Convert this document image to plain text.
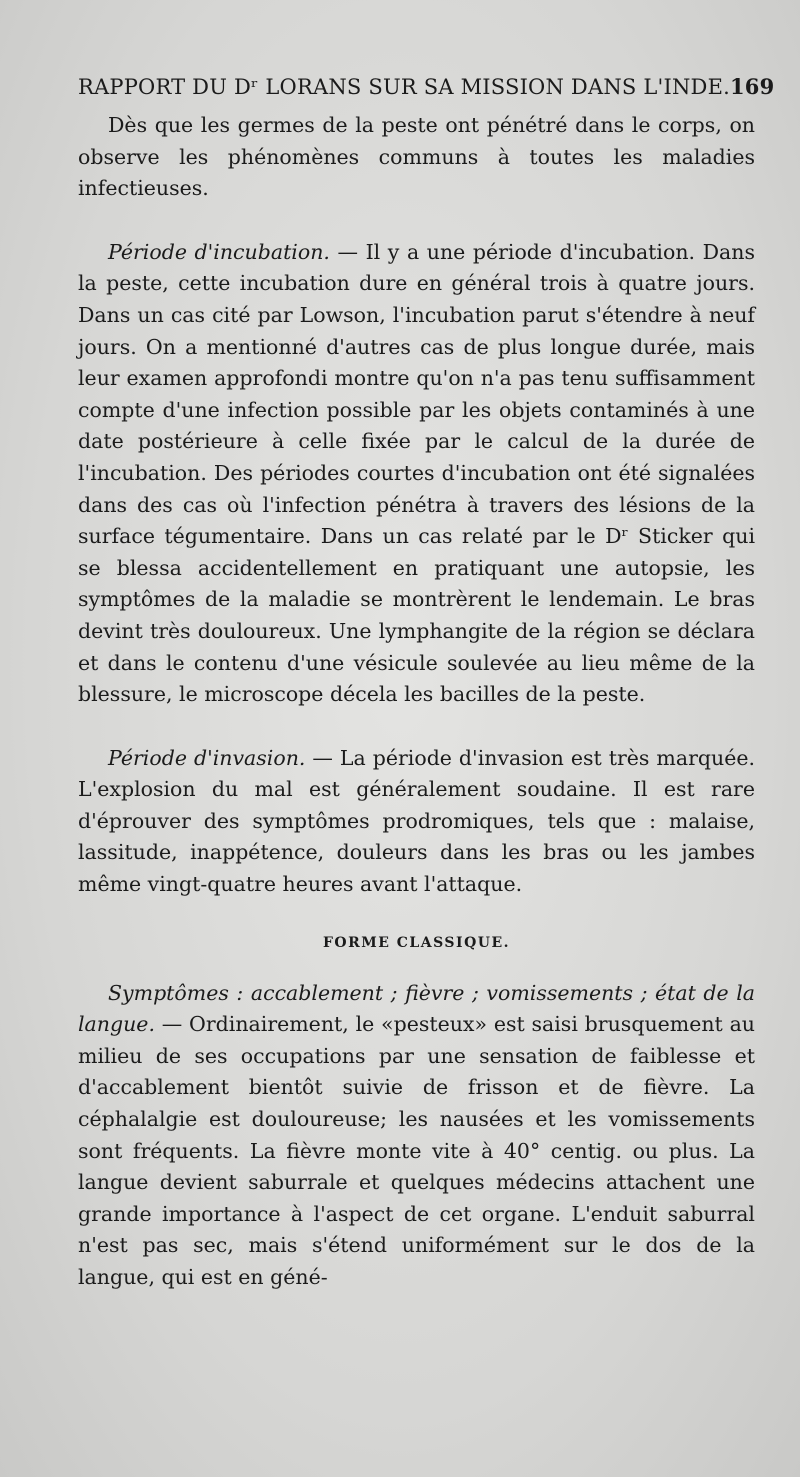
RAPPORT DU Dʳ LORANS SUR SA MISSION DANS L'INDE. 169

Dès que les germes de la peste ont pénétré dans le corps, on observe les phénomènes communs à toutes les maladies infectieuses.

Période d'incubation. — Il y a une période d'incubation. Dans la peste, cette incubation dure en général trois à quatre jours. Dans un cas cité par Lowson, l'incubation parut s'étendre à neuf jours. On a mentionné d'autres cas de plus longue durée, mais leur examen approfondi montre qu'on n'a pas tenu suffisamment compte d'une infection possible par les objets contaminés à une date postérieure à celle fixée par le calcul de la durée de l'incubation. Des périodes courtes d'incubation ont été signalées dans des cas où l'infection pénétra à travers des lésions de la surface tégumentaire. Dans un cas relaté par le Dʳ Sticker qui se blessa accidentellement en pratiquant une autopsie, les symptômes de la maladie se montrèrent le lendemain. Le bras devint très douloureux. Une lymphangite de la région se déclara et dans le contenu d'une vésicule soulevée au lieu même de la blessure, le microscope décela les bacilles de la peste.

Période d'invasion. — La période d'invasion est très marquée. L'explosion du mal est généralement soudaine. Il est rare d'éprouver des symptômes prodromiques, tels que : malaise, lassitude, inappétence, douleurs dans les bras ou les jambes même vingt-quatre heures avant l'attaque.

FORME CLASSIQUE.

Symptômes : accablement ; fièvre ; vomissements ; état de la langue. — Ordinairement, le «pesteux» est saisi brusquement au milieu de ses occupations par une sensation de faiblesse et d'accablement bientôt suivie de frisson et de fièvre. La céphalalgie est douloureuse; les nausées et les vomissements sont fréquents. La fièvre monte vite à 40° centig. ou plus. La langue devient saburrale et quelques médecins attachent une grande importance à l'aspect de cet organe. L'enduit saburral n'est pas sec, mais s'étend uniformément sur le dos de la langue, qui est en géné-
